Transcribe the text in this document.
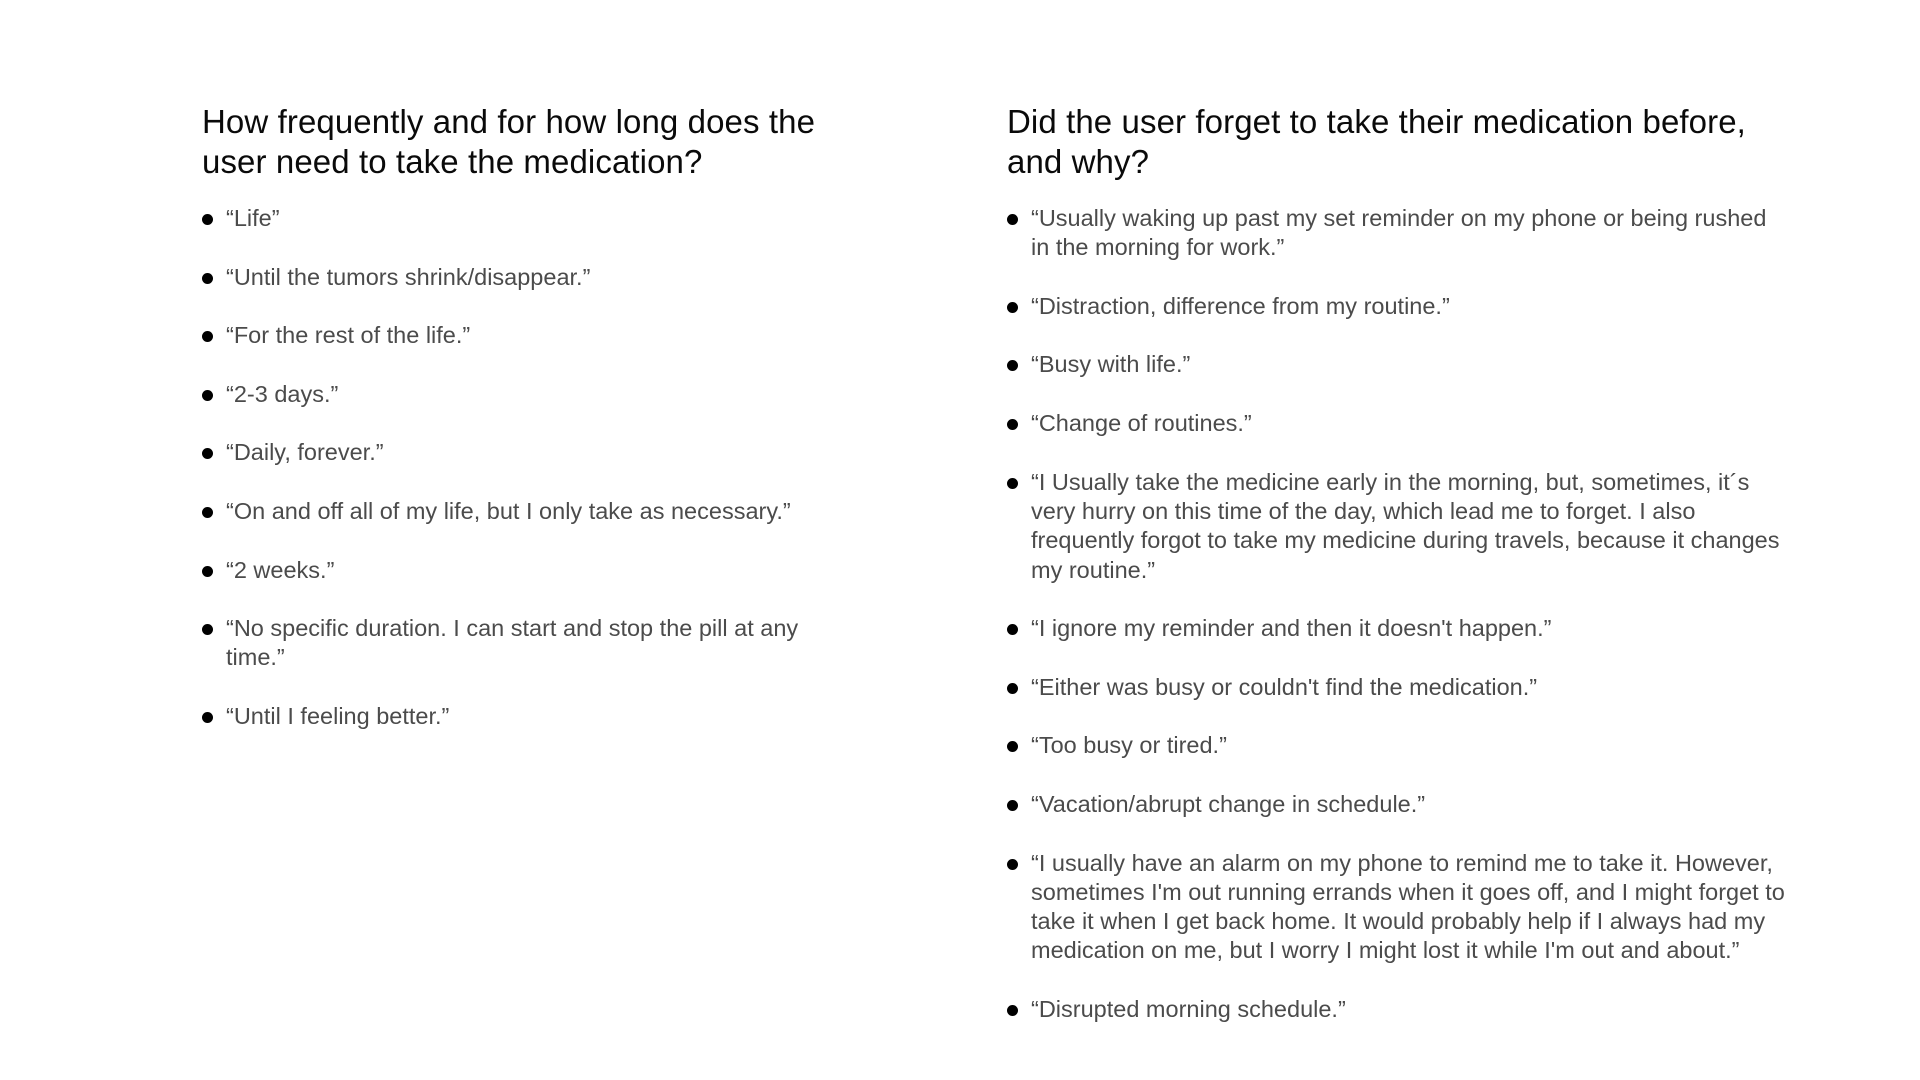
How frequently and for how long does the user need to take the medication?
“Life”
“Until the tumors shrink/disappear.”
“For the rest of the life.”
“2-3 days.”
“Daily, forever.”
“On and off all of my life, but I only take as necessary.”
“2 weeks.”
“No specific duration. I can start and stop the pill at any time.”
“Until I feeling better.”
Did the user forget to take their medication before, and why?
“Usually waking up past my set reminder on my phone or being rushed in the morning for work.”
“Distraction, difference from my routine.”
“Busy with life.”
“Change of routines.”
“I Usually take the medicine early in the morning, but, sometimes, it´s very hurry on this time of the day, which lead me to forget. I also frequently forgot to take my medicine during travels, because it changes my routine.”
“I ignore my reminder and then it doesn't happen.”
“Either was busy or couldn't find the medication.”
“Too busy or tired.”
“Vacation/abrupt change in schedule.”
“I usually have an alarm on my phone to remind me to take it. However, sometimes I'm out running errands when it goes off, and I might forget to take it when I get back home. It would probably help if I always had my medication on me, but I worry I might lost it while I'm out and about.”
“Disrupted morning schedule.”
